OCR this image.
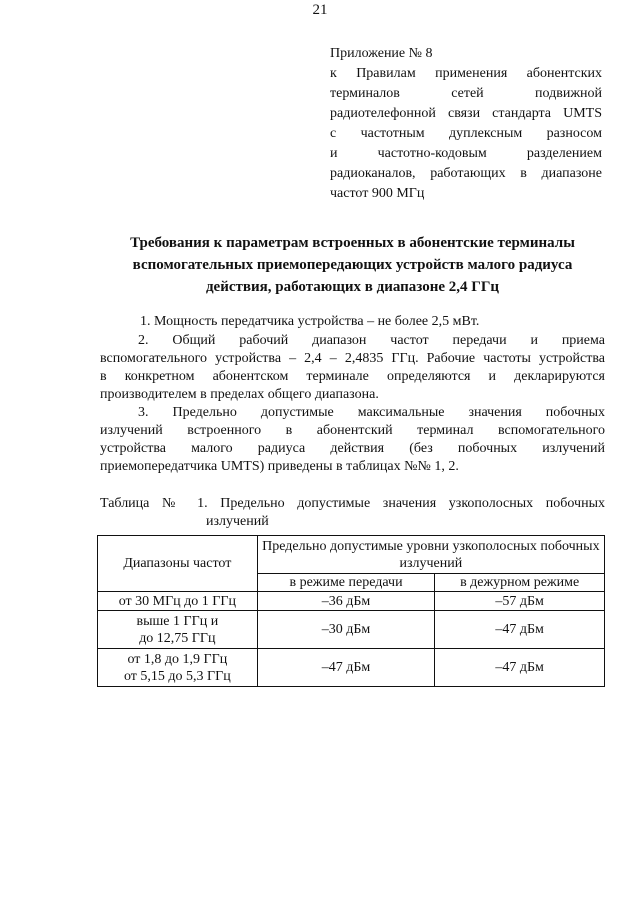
21
Приложение № 8
к Правилам применения абонентских
терминалов сетей подвижной
радиотелефонной связи стандарта UMTS
с частотным дуплексным разносом
и частотно-кодовым разделением
радиоканалов, работающих в диапазоне
частот 900 МГц
Требования к параметрам встроенных в абонентские терминалы
вспомогательных приемопередающих устройств малого радиуса
действия, работающих в диапазоне 2,4 ГГц
1. Мощность передатчика устройства – не более 2,5 мВт.
2. Общий рабочий диапазон частот передачи и приема
вспомогательного устройства – 2,4 – 2,4835 ГГц. Рабочие частоты устройства
в конкретном абонентском терминале определяются и декларируются
производителем в пределах общего диапазона.
3. Предельно допустимые максимальные значения побочных
излучений встроенного в абонентский терминал вспомогательного
устройства малого радиуса действия (без побочных излучений
приемопередатчика UMTS) приведены в таблицах №№ 1, 2.
Таблица № 1. Предельно допустимые значения узкополосных побочных
излучений
Диапазоны частот	Предельно допустимые уровни узкополосных побочных излучений	
	в режиме передачи	в дежурном режиме

от 30 МГц до 1 ГГц	–36 дБм	–57 дБм

выше 1 ГГц и
до 12,75 ГГц	–30 дБм	–47 дБм

от 1,8 до 1,9 ГГц
от 5,15 до 5,3 ГГц	–47 дБм	–47 дБм
